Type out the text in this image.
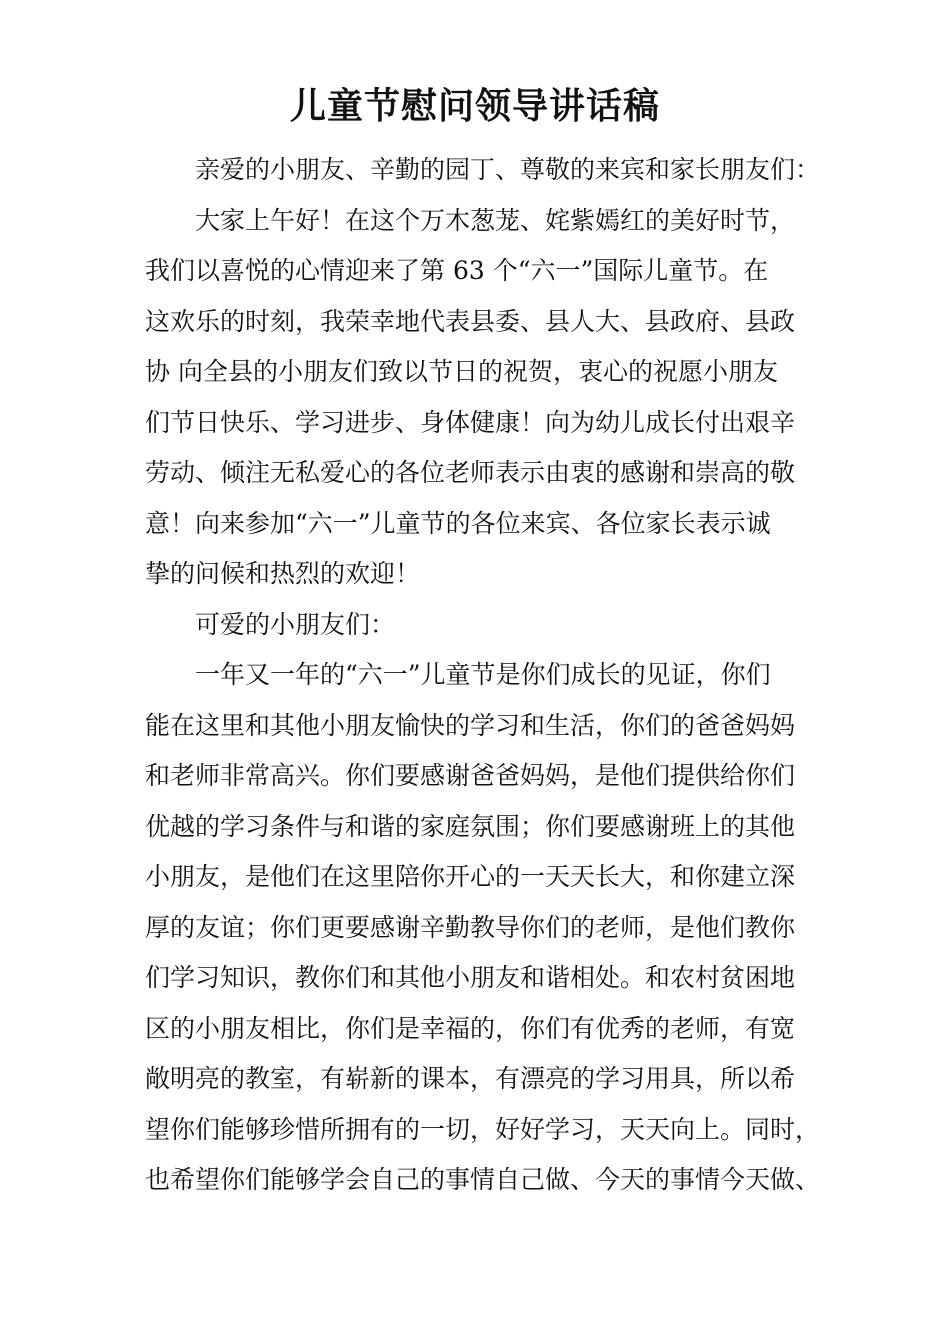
儿童节慰问领导讲话稿
亲爱的小朋友、辛勤的园丁、尊敬的来宾和家长朋友们：
大家上午好！在这个万木葱茏、姹紫嫣红的美好时节，
我们以喜悦的心情迎来了第 63 个“六一”国际儿童节。在
这欢乐的时刻，我荣幸地代表县委、县人大、县政府、县政
协 向全县的小朋友们致以节日的祝贺，衷心的祝愿小朋友
们节日快乐、学习进步、身体健康！向为幼儿成长付出艰辛
劳动、倾注无私爱心的各位老师表示由衷的感谢和崇高的敬
意！向来参加“六一”儿童节的各位来宾、各位家长表示诚
挚的问候和热烈的欢迎！
可爱的小朋友们：
一年又一年的“六一”儿童节是你们成长的见证，你们
能在这里和其他小朋友愉快的学习和生活，你们的爸爸妈妈
和老师非常高兴。你们要感谢爸爸妈妈，是他们提供给你们
优越的学习条件与和谐的家庭氛围；你们要感谢班上的其他
小朋友，是他们在这里陪你开心的一天天长大，和你建立深
厚的友谊；你们更要感谢辛勤教导你们的老师，是他们教你
们学习知识，教你们和其他小朋友和谐相处。和农村贫困地
区的小朋友相比，你们是幸福的，你们有优秀的老师，有宽
敞明亮的教室，有崭新的课本，有漂亮的学习用具，所以希
望你们能够珍惜所拥有的一切，好好学习，天天向上。同时，
也希望你们能够学会自己的事情自己做、今天的事情今天做、
